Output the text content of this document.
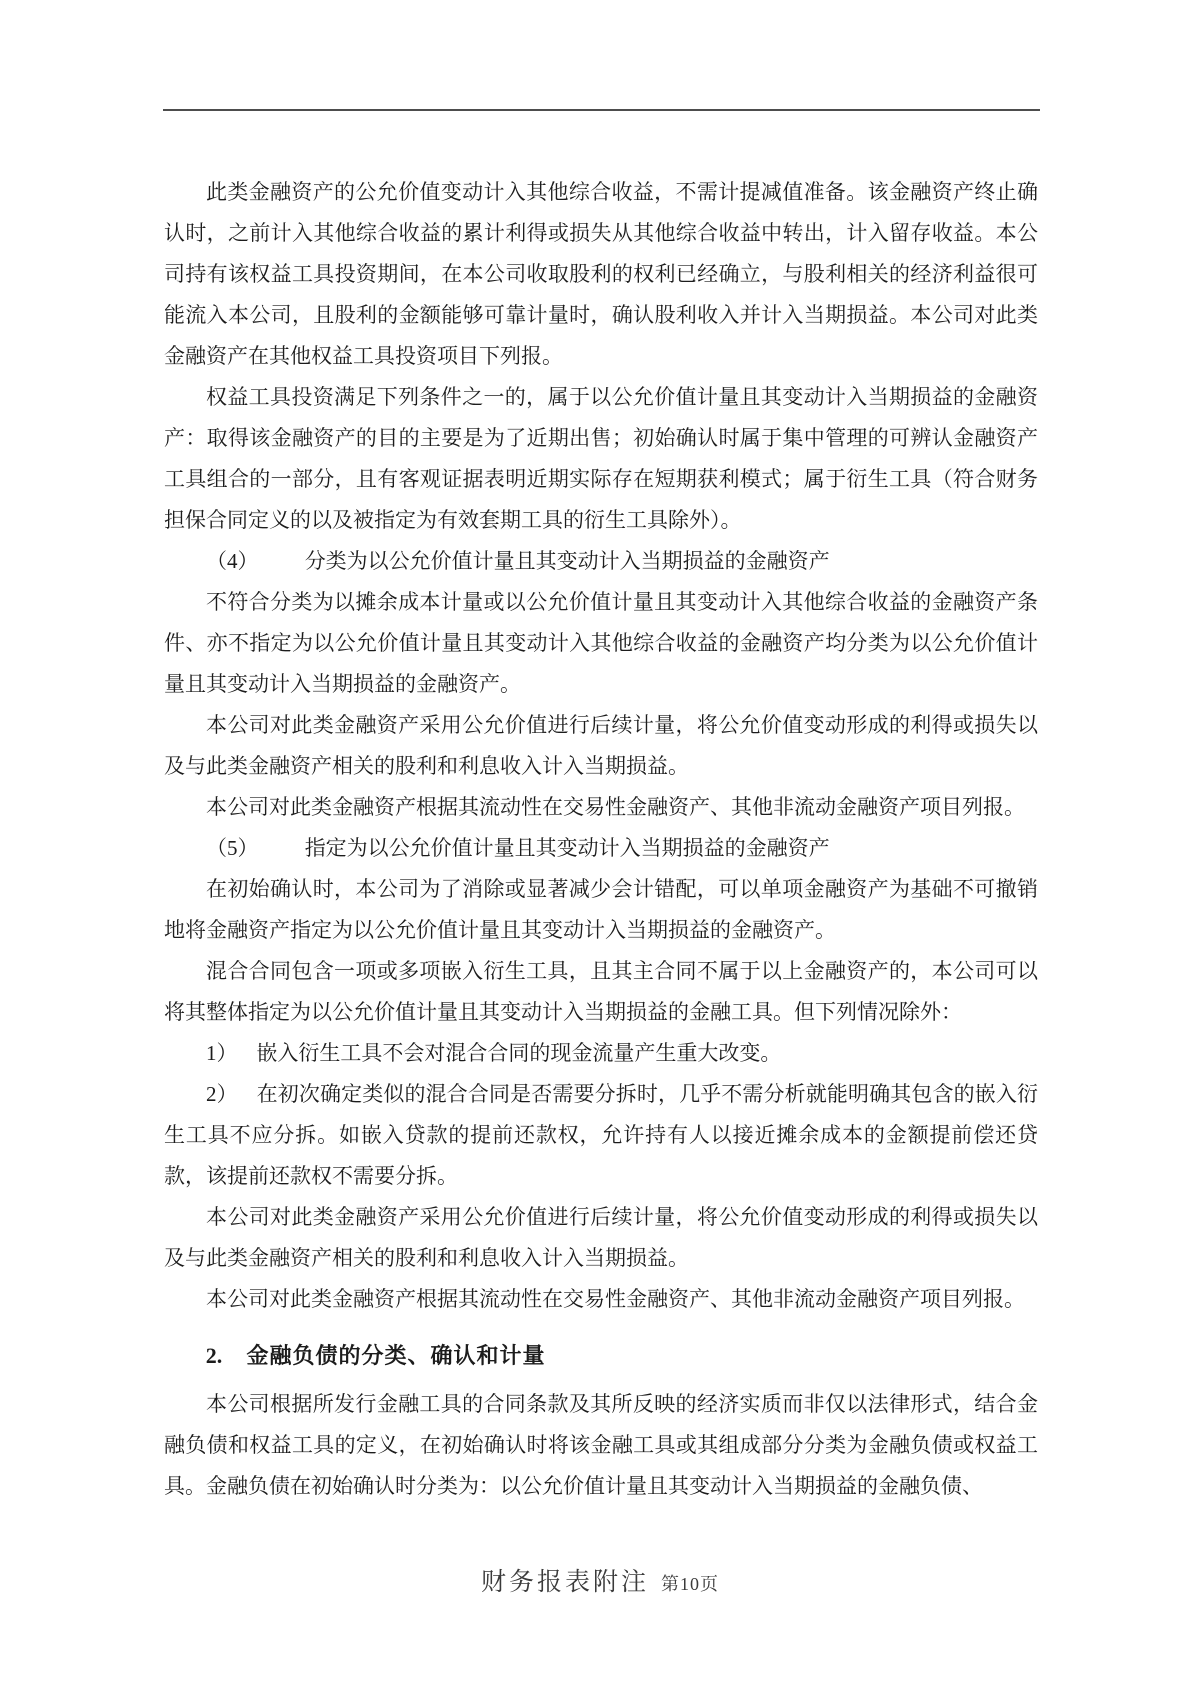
此类金融资产的公允价值变动计入其他综合收益，不需计提减值准备。该金融资产终止确认时，之前计入其他综合收益的累计利得或损失从其他综合收益中转出，计入留存收益。本公司持有该权益工具投资期间，在本公司收取股利的权利已经确立，与股利相关的经济利益很可能流入本公司，且股利的金额能够可靠计量时，确认股利收入并计入当期损益。本公司对此类金融资产在其他权益工具投资项目下列报。

权益工具投资满足下列条件之一的，属于以公允价值计量且其变动计入当期损益的金融资产：取得该金融资产的目的主要是为了近期出售；初始确认时属于集中管理的可辨认金融资产工具组合的一部分，且有客观证据表明近期实际存在短期获利模式；属于衍生工具（符合财务担保合同定义的以及被指定为有效套期工具的衍生工具除外）。

（4） 分类为以公允价值计量且其变动计入当期损益的金融资产

不符合分类为以摊余成本计量或以公允价值计量且其变动计入其他综合收益的金融资产条件、亦不指定为以公允价值计量且其变动计入其他综合收益的金融资产均分类为以公允价值计量且其变动计入当期损益的金融资产。

本公司对此类金融资产采用公允价值进行后续计量，将公允价值变动形成的利得或损失以及与此类金融资产相关的股利和利息收入计入当期损益。

本公司对此类金融资产根据其流动性在交易性金融资产、其他非流动金融资产项目列报。

（5） 指定为以公允价值计量且其变动计入当期损益的金融资产

在初始确认时，本公司为了消除或显著减少会计错配，可以单项金融资产为基础不可撤销地将金融资产指定为以公允价值计量且其变动计入当期损益的金融资产。

混合合同包含一项或多项嵌入衍生工具，且其主合同不属于以上金融资产的，本公司可以将其整体指定为以公允价值计量且其变动计入当期损益的金融工具。但下列情况除外：

1） 嵌入衍生工具不会对混合合同的现金流量产生重大改变。

2） 在初次确定类似的混合合同是否需要分拆时，几乎不需分析就能明确其包含的嵌入衍生工具不应分拆。如嵌入贷款的提前还款权，允许持有人以接近摊余成本的金额提前偿还贷款，该提前还款权不需要分拆。

本公司对此类金融资产采用公允价值进行后续计量，将公允价值变动形成的利得或损失以及与此类金融资产相关的股利和利息收入计入当期损益。

本公司对此类金融资产根据其流动性在交易性金融资产、其他非流动金融资产项目列报。

2. 金融负债的分类、确认和计量

本公司根据所发行金融工具的合同条款及其所反映的经济实质而非仅以法律形式，结合金融负债和权益工具的定义，在初始确认时将该金融工具或其组成部分分类为金融负债或权益工具。金融负债在初始确认时分类为：以公允价值计量且其变动计入当期损益的金融负债、

财务报表附注 第10页
